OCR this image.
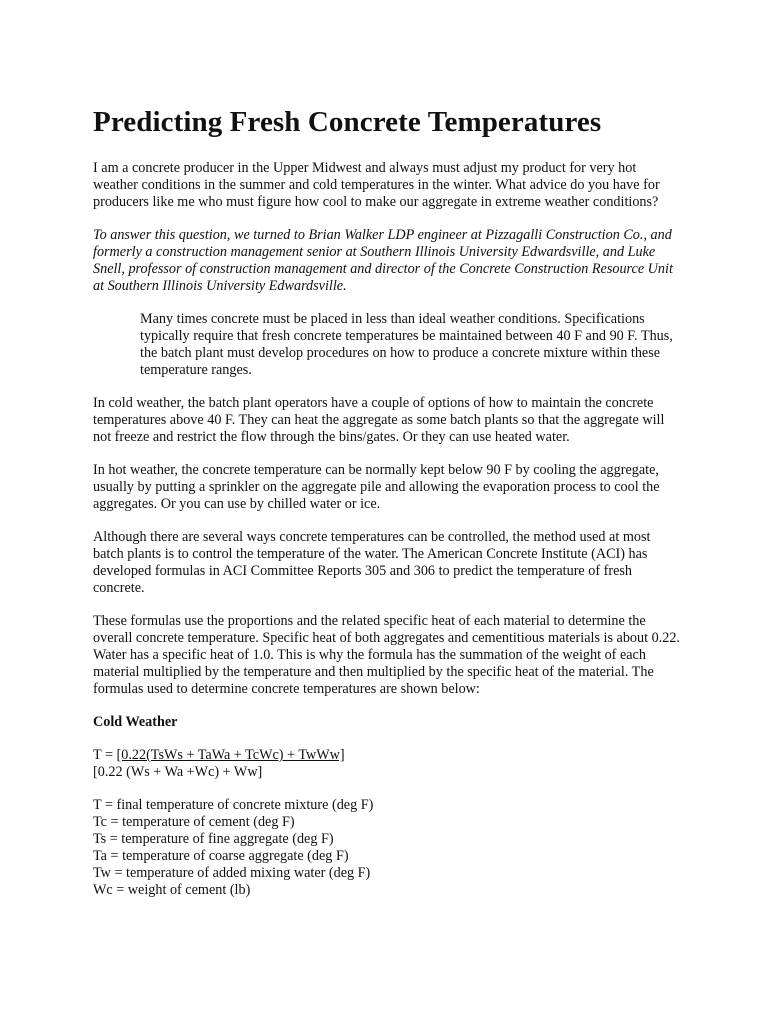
Predicting Fresh Concrete Temperatures

I am a concrete producer in the Upper Midwest and always must adjust my product for very hot weather conditions in the summer and cold temperatures in the winter. What advice do you have for producers like me who must figure how cool to make our aggregate in extreme weather conditions?

To answer this question, we turned to Brian Walker LDP engineer at Pizzagalli Construction Co., and formerly a construction management senior at Southern Illinois University Edwardsville, and Luke Snell, professor of construction management and director of the Concrete Construction Resource Unit at Southern Illinois University Edwardsville.

Many times concrete must be placed in less than ideal weather conditions. Specifications typically require that fresh concrete temperatures be maintained between 40 F and 90 F. Thus, the batch plant must develop procedures on how to produce a concrete mixture within these temperature ranges.

In cold weather, the batch plant operators have a couple of options of how to maintain the concrete temperatures above 40 F. They can heat the aggregate as some batch plants so that the aggregate will not freeze and restrict the flow through the bins/gates. Or they can use heated water.

In hot weather, the concrete temperature can be normally kept below 90 F by cooling the aggregate, usually by putting a sprinkler on the aggregate pile and allowing the evaporation process to cool the aggregates. Or you can use by chilled water or ice.

Although there are several ways concrete temperatures can be controlled, the method used at most batch plants is to control the temperature of the water. The American Concrete Institute (ACI) has developed formulas in ACI Committee Reports 305 and 306 to predict the temperature of fresh concrete.

These formulas use the proportions and the related specific heat of each material to determine the overall concrete temperature. Specific heat of both aggregates and cementitious materials is about 0.22. Water has a specific heat of 1.0. This is why the formula has the summation of the weight of each material multiplied by the temperature and then multiplied by the specific heat of the material. The formulas used to determine concrete temperatures are shown below:

Cold Weather
T = [0.22(TsWs + TaWa + TcWc) + TwWw]
[0.22 (Ws + Wa +Wc) + Ww]
T = final temperature of concrete mixture (deg F)
Tc = temperature of cement (deg F)
Ts = temperature of fine aggregate (deg F)
Ta = temperature of coarse aggregate (deg F)
Tw = temperature of added mixing water (deg F)
Wc = weight of cement (lb)
